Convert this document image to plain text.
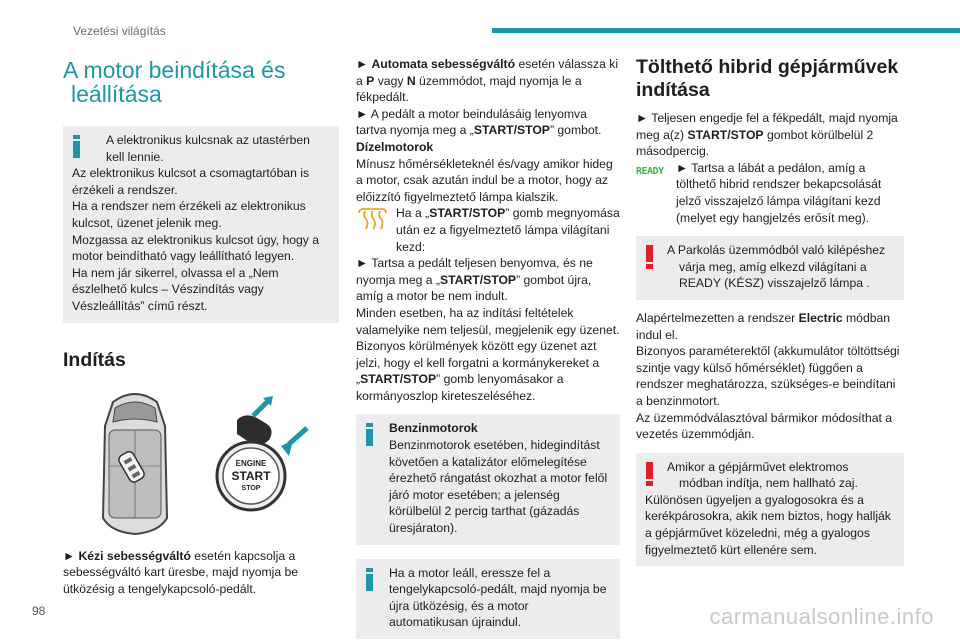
Vezetési világítás
A motor beindítása és leállítása
A elektronikus kulcsnak az utastérben kell lennie.
Az elektronikus kulcsot a csomagtartóban is érzékeli a rendszer.
Ha a rendszer nem érzékeli az elektronikus kulcsot, üzenet jelenik meg.
Mozgassa az elektronikus kulcsot úgy, hogy a motor beindítható vagy leállítható legyen.
Ha nem jár sikerrel, olvassa el a „Nem észlelhető kulcs – Vészindítás vagy Vészleállítás” című részt.
Indítás
ENGINE
START
STOP

► Kézi sebességváltó esetén kapcsolja a sebességváltó kart üresbe, majd nyomja be ütközésig a tengelykapcsoló-pedált.

► Automata sebességváltó esetén válassza ki a P vagy N üzemmódot, majd nyomja le a fékpedált.

► A pedált a motor beindulásáig lenyomva tartva nyomja meg a „START/STOP” gombot.

Dízelmotorok

Mínusz hőmérsékleteknél és/vagy amikor hideg a motor, csak azután indul be a motor, hogy az előizzító figyelmeztető lámpa kialszik.

Ha a „START/STOP” gomb megnyomása után ez a figyelmeztető lámpa világítani kezd:

► Tartsa a pedált teljesen benyomva, és ne nyomja meg a „START/STOP” gombot újra, amíg a motor be nem indult.

Minden esetben, ha az indítási feltételek valamelyike nem teljesül, megjelenik egy üzenet.

Bizonyos körülmények között egy üzenet azt jelzi, hogy el kell forgatni a kormánykereket a „START/STOP” gomb lenyomásakor a kormányoszlop kireteszeléséhez.

Benzinmotorok
Benzinmotorok esetében, hidegindítást követően a katalizátor előmelegítése érezhető rángatást okozhat a motor felől járó motor esetében; a jelenség körülbelül 2 percig tarthat (gázadás üresjáraton).
Ha a motor leáll, eressze fel a tengelykapcsoló-pedált, majd nyomja be újra ütközésig, és a motor automatikusan újraindul.
Tölthető hibrid gépjárművek indítása

► Teljesen engedje fel a fékpedált, majd nyomja meg a(z) START/STOP gombot körülbelül 2 másodpercig.

READY	► Tartsa a lábát a pedálon, amíg a tölthető hibrid rendszer bekapcsolását jelző visszajelző lámpa világítani kezd (melyet egy hangjelzés erősít meg).
A Parkolás üzemmódból való kilépéshez várja meg, amíg elkezd világítani a READY (KÉSZ) visszajelző lámpa .

Alapértelmezetten a rendszer Electric módban indul el.

Bizonyos paraméterektől (akkumulátor töltöttségi szintje vagy külső hőmérséklet) függően a rendszer meghatározza, szükséges-e beindítani a benzinmotort.

Az üzemmódválasztóval bármikor módosíthat a vezetés üzemmódján.

Amikor a gépjárművet elektromos módban indítja, nem hallható zaj.
Különösen ügyeljen a gyalogosokra és a kerékpárosokra, akik nem biztos, hogy hallják a gépjárművet közeledni, még a gyalogos figyelmeztető kürt ellenére sem.
98	carmanualsonline.info
